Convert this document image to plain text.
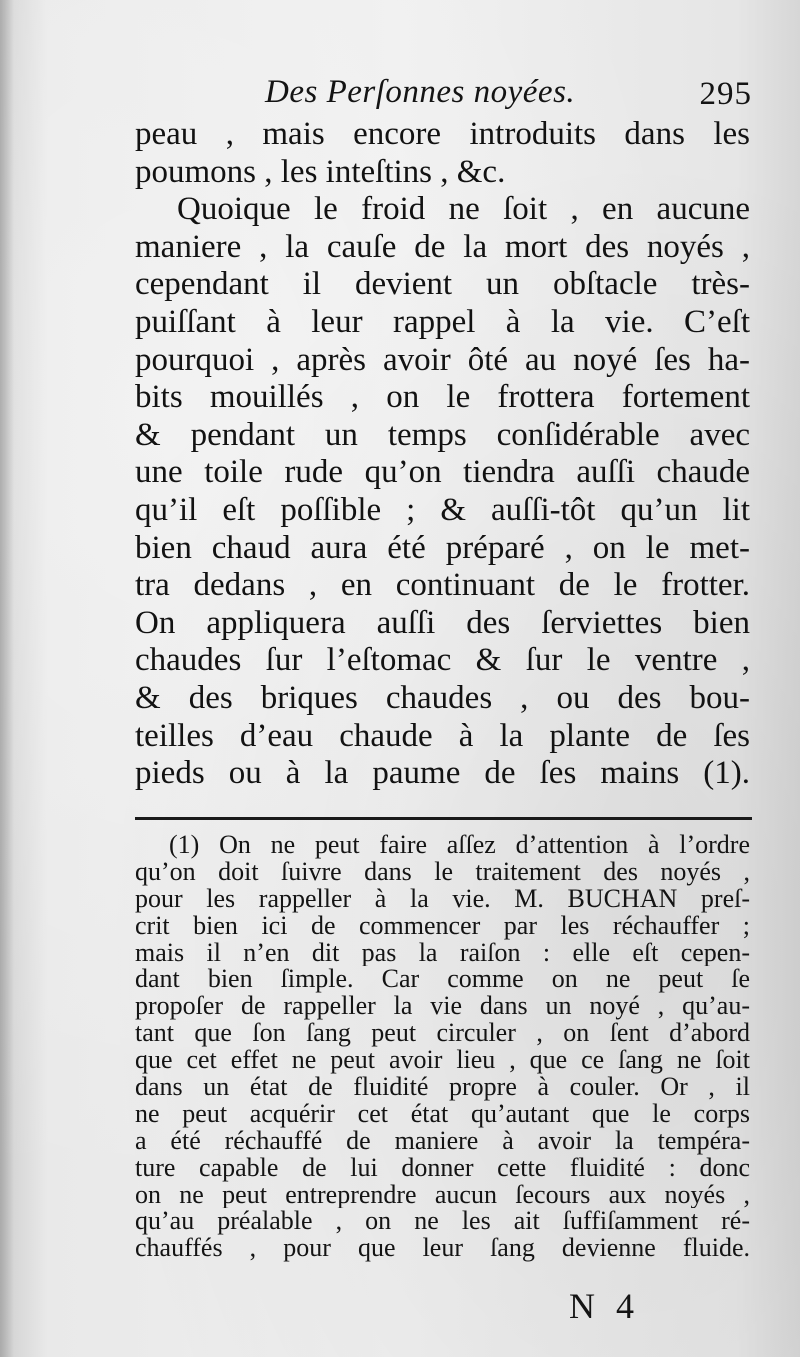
Des Perſonnes noyées.	295
peau , mais encore introduits dans les
poumons , les inteſtins , &c.
Quoique le froid ne ſoit , en aucune
maniere , la cauſe de la mort des noyés ,
cependant il devient un obſtacle très-
puiſſant à leur rappel à la vie. C’eſt
pourquoi , après avoir ôté au noyé ſes ha-
bits mouillés , on le frottera fortement
& pendant un temps conſidérable avec
une toile rude qu’on tiendra auſſi chaude
qu’il eſt poſſible ; & auſſi-tôt qu’un lit
bien chaud aura été préparé , on le met-
tra dedans , en continuant de le frotter.
On appliquera auſſi des ſerviettes bien
chaudes ſur l’eſtomac & ſur le ventre ,
& des briques chaudes , ou des bou-
teilles d’eau chaude à la plante de ſes
pieds ou à la paume de ſes mains (1).
(1) On ne peut faire aſſez d’attention à l’ordre
qu’on doit ſuivre dans le traitement des noyés ,
pour les rappeller à la vie. M. BUCHAN preſ-
crit bien ici de commencer par les réchauffer ;
mais il n’en dit pas la raiſon : elle eſt cepen-
dant bien ſimple. Car comme on ne peut ſe
propoſer de rappeller la vie dans un noyé , qu’au-
tant que ſon ſang peut circuler , on ſent d’abord
que cet effet ne peut avoir lieu , que ce ſang ne ſoit
dans un état de fluidité propre à couler. Or , il
ne peut acquérir cet état qu’autant que le corps
a été réchauffé de maniere à avoir la tempéra-
ture capable de lui donner cette fluidité : donc
on ne peut entreprendre aucun ſecours aux noyés ,
qu’au préalable , on ne les ait ſuffiſamment ré-
chauffés , pour que leur ſang devienne fluide.
N 4
